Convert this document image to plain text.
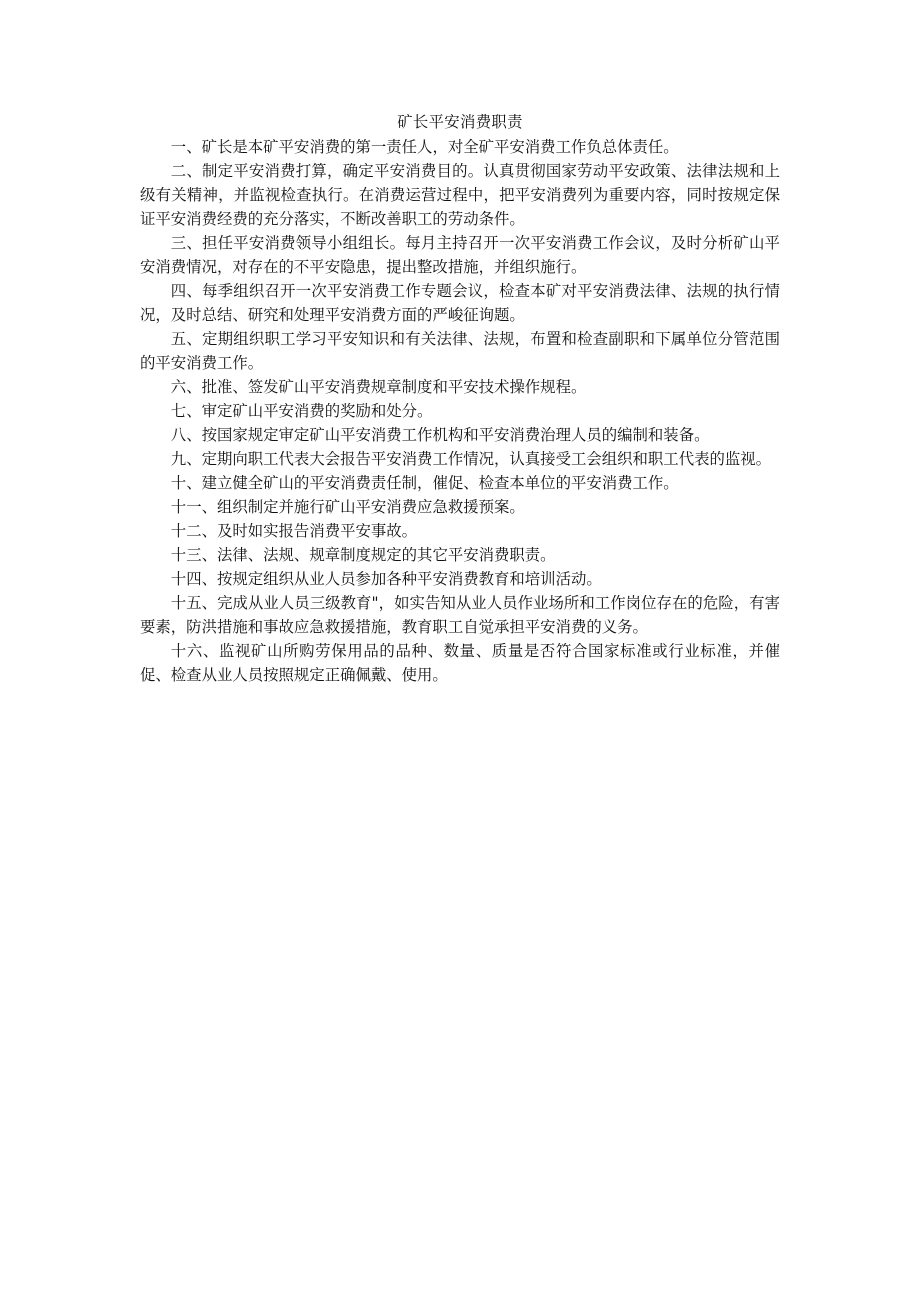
矿长平安消费职责

一、矿长是本矿平安消费的第一责任人，对全矿平安消费工作负总体责任。

二、制定平安消费打算，确定平安消费目的。认真贯彻国家劳动平安政策、法律法规和上级有关精神，并监视检查执行。在消费运营过程中，把平安消费列为重要内容，同时按规定保证平安消费经费的充分落实，不断改善职工的劳动条件。

三、担任平安消费领导小组组长。每月主持召开一次平安消费工作会议，及时分析矿山平安消费情况，对存在的不平安隐患，提出整改措施，并组织施行。

四、每季组织召开一次平安消费工作专题会议，检查本矿对平安消费法律、法规的执行情况，及时总结、研究和处理平安消费方面的严峻征询题。

五、定期组织职工学习平安知识和有关法律、法规，布置和检查副职和下属单位分管范围的平安消费工作。

六、批准、签发矿山平安消费规章制度和平安技术操作规程。

七、审定矿山平安消费的奖励和处分。

八、按国家规定审定矿山平安消费工作机构和平安消费治理人员的编制和装备。

九、定期向职工代表大会报告平安消费工作情况，认真接受工会组织和职工代表的监视。

十、建立健全矿山的平安消费责任制，催促、检查本单位的平安消费工作。

十一、组织制定并施行矿山平安消费应急救援预案。

十二、及时如实报告消费平安事故。

十三、法律、法规、规章制度规定的其它平安消费职责。

十四、按规定组织从业人员参加各种平安消费教育和培训活动。

十五、完成从业人员三级教育"，如实告知从业人员作业场所和工作岗位存在的危险，有害要素，防洪措施和事故应急救援措施，教育职工自觉承担平安消费的义务。

十六、监视矿山所购劳保用品的品种、数量、质量是否符合国家标准或行业标准，并催促、检查从业人员按照规定正确佩戴、使用。
